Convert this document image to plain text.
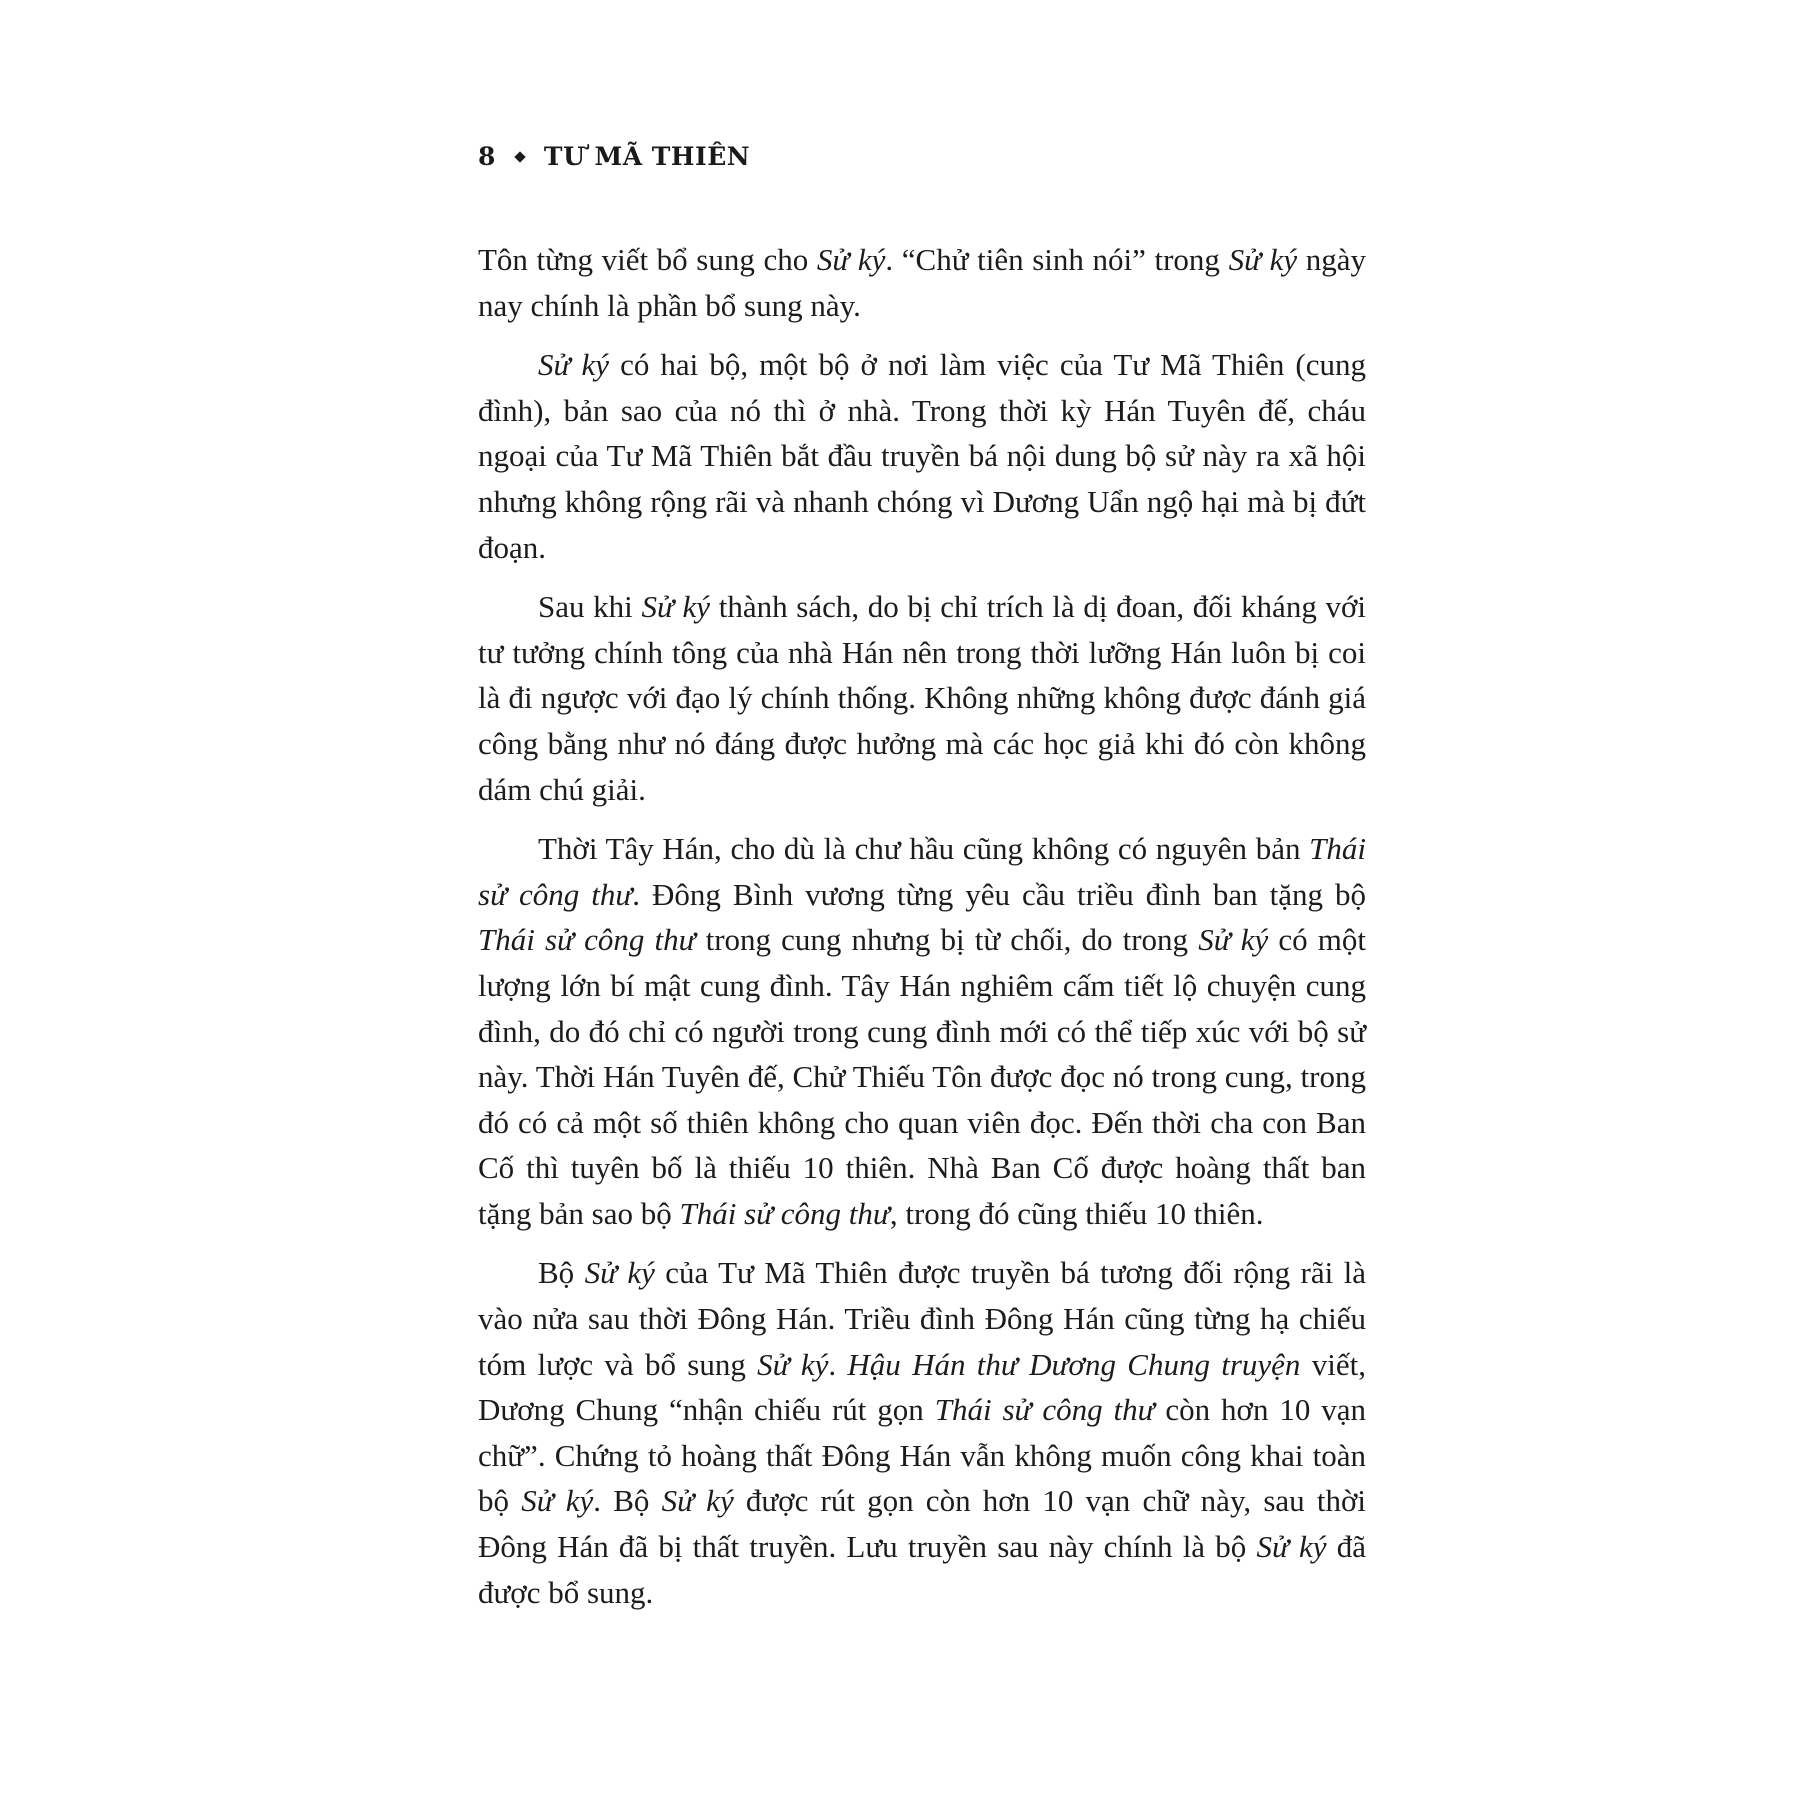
8 TƯ MÃ THIÊN

Tôn từng viết bổ sung cho Sử ký. “Chử tiên sinh nói” trong Sử ký ngày nay chính là phần bổ sung này.

Sử ký có hai bộ, một bộ ở nơi làm việc của Tư Mã Thiên (cung đình), bản sao của nó thì ở nhà. Trong thời kỳ Hán Tuyên đế, cháu ngoại của Tư Mã Thiên bắt đầu truyền bá nội dung bộ sử này ra xã hội nhưng không rộng rãi và nhanh chóng vì Dương Uẩn ngộ hại mà bị đứt đoạn.

Sau khi Sử ký thành sách, do bị chỉ trích là dị đoan, đối kháng với tư tưởng chính tông của nhà Hán nên trong thời lưỡng Hán luôn bị coi là đi ngược với đạo lý chính thống. Không những không được đánh giá công bằng như nó đáng được hưởng mà các học giả khi đó còn không dám chú giải.

Thời Tây Hán, cho dù là chư hầu cũng không có nguyên bản Thái sử công thư. Đông Bình vương từng yêu cầu triều đình ban tặng bộ Thái sử công thư trong cung nhưng bị từ chối, do trong Sử ký có một lượng lớn bí mật cung đình. Tây Hán nghiêm cấm tiết lộ chuyện cung đình, do đó chỉ có người trong cung đình mới có thể tiếp xúc với bộ sử này. Thời Hán Tuyên đế, Chử Thiếu Tôn được đọc nó trong cung, trong đó có cả một số thiên không cho quan viên đọc. Đến thời cha con Ban Cố thì tuyên bố là thiếu 10 thiên. Nhà Ban Cố được hoàng thất ban tặng bản sao bộ Thái sử công thư, trong đó cũng thiếu 10 thiên.

Bộ Sử ký của Tư Mã Thiên được truyền bá tương đối rộng rãi là vào nửa sau thời Đông Hán. Triều đình Đông Hán cũng từng hạ chiếu tóm lược và bổ sung Sử ký. Hậu Hán thư Dương Chung truyện viết, Dương Chung “nhận chiếu rút gọn Thái sử công thư còn hơn 10 vạn chữ”. Chứng tỏ hoàng thất Đông Hán vẫn không muốn công khai toàn bộ Sử ký. Bộ Sử ký được rút gọn còn hơn 10 vạn chữ này, sau thời Đông Hán đã bị thất truyền. Lưu truyền sau này chính là bộ Sử ký đã được bổ sung.
